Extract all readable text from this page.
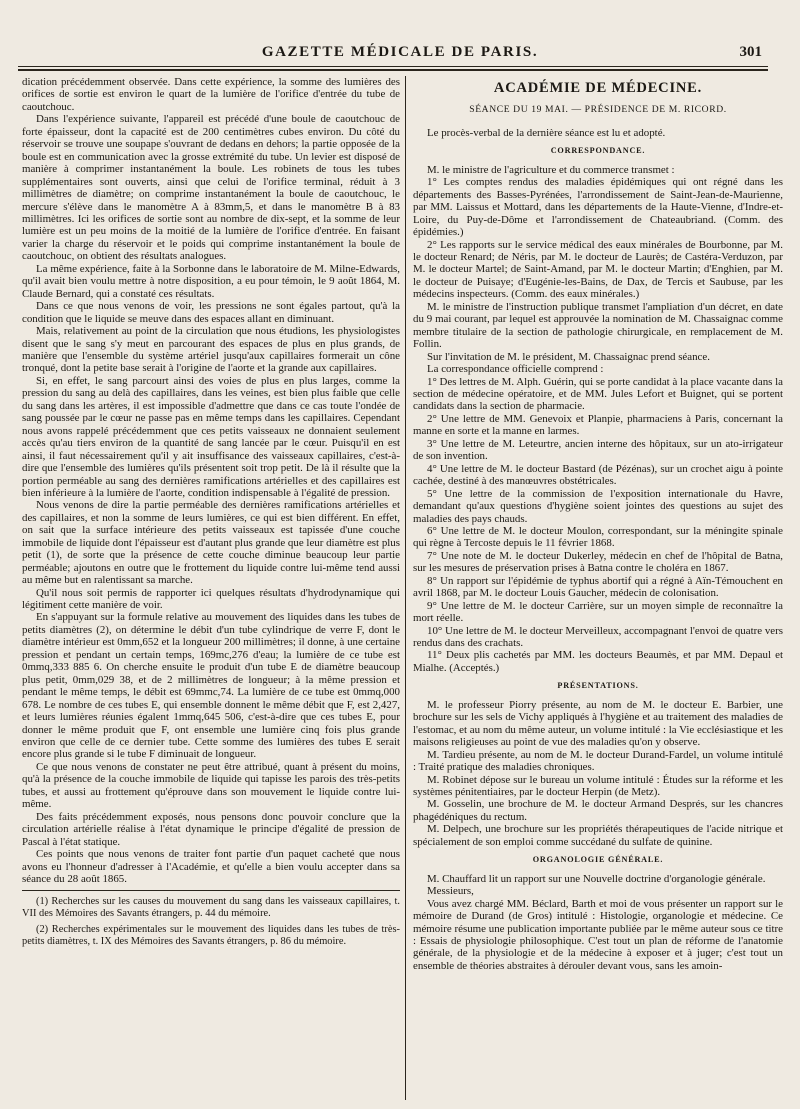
GAZETTE MÉDICALE DE PARIS.	301

dication précédemment observée. Dans cette expérience, la somme des lumières des orifices de sortie est environ le quart de la lumière de l'orifice d'entrée du tube de caoutchouc.

Dans l'expérience suivante, l'appareil est précédé d'une boule de caoutchouc de forte épaisseur, dont la capacité est de 200 centimètres cubes environ. Du côté du réservoir se trouve une soupape s'ouvrant de dedans en dehors; la partie opposée de la boule est en communication avec la grosse extrémité du tube. Un levier est disposé de manière à comprimer instantanément la boule. Les robinets de tous les tubes supplémentaires sont ouverts, ainsi que celui de l'orifice terminal, réduit à 3 millimètres de diamètre; on comprime instantanément la boule de caoutchouc, le mercure s'élève dans le manomètre A à 83mm,5, et dans le manomètre B à 83 millimètres. Ici les orifices de sortie sont au nombre de dix-sept, et la somme de leur lumière est un peu moins de la moitié de la lumière de l'orifice d'entrée. En faisant varier la charge du réservoir et le poids qui comprime instantanément la boule de caoutchouc, on obtient des résultats analogues.

La même expérience, faite à la Sorbonne dans le laboratoire de M. Milne-Edwards, qu'il avait bien voulu mettre à notre disposition, a eu pour témoin, le 9 août 1864, M. Claude Bernard, qui a constaté ces résultats.

Dans ce que nous venons de voir, les pressions ne sont égales partout, qu'à la condition que le liquide se meuve dans des espaces allant en diminuant.

Mais, relativement au point de la circulation que nous étudions, les physiologistes disent que le sang s'y meut en parcourant des espaces de plus en plus grands, de manière que l'ensemble du système artériel jusqu'aux capillaires formerait un cône tronqué, dont la petite base serait à l'origine de l'aorte et la grande aux capillaires.

Si, en effet, le sang parcourt ainsi des voies de plus en plus larges, comme la pression du sang au delà des capillaires, dans les veines, est bien plus faible que celle du sang dans les artères, il est impossible d'admettre que dans ce cas toute l'ondée de sang poussée par le cœur ne passe pas en même temps dans les capillaires. Cependant nous avons rappelé précédemment que ces petits vaisseaux ne donnaient seulement accès qu'au tiers environ de la quantité de sang lancée par le cœur. Puisqu'il en est ainsi, il faut nécessairement qu'il y ait insuffisance des vaisseaux capillaires, c'est-à-dire que l'ensemble des lumières qu'ils présentent soit trop petit. De là il résulte que la portion perméable au sang des dernières ramifications artérielles et des capillaires est bien inférieure à la lumière de l'aorte, condition indispensable à l'égalité de pression.

Nous venons de dire la partie perméable des dernières ramifications artérielles et des capillaires, et non la somme de leurs lumières, ce qui est bien différent. En effet, on sait que la surface intérieure des petits vaisseaux est tapissée d'une couche immobile de liquide dont l'épaisseur est d'autant plus grande que leur diamètre est plus petit (1), de sorte que la présence de cette couche diminue beaucoup leur partie perméable; ajoutons en outre que le frottement du liquide contre lui-même tend aussi au même but en ralentissant sa marche.

Qu'il nous soit permis de rapporter ici quelques résultats d'hydrodynamique qui légitiment cette manière de voir.

En s'appuyant sur la formule relative au mouvement des liquides dans les tubes de petits diamètres (2), on détermine le débit d'un tube cylindrique de verre F, dont le diamètre intérieur est 0mm,652 et la longueur 200 millimètres; il donne, à une certaine pression et pendant un certain temps, 169mc,276 d'eau; la lumière de ce tube est 0mmq,333 885 6. On cherche ensuite le produit d'un tube E de diamètre beaucoup plus petit, 0mm,029 38, et de 2 millimètres de longueur; à la même pression et pendant le même temps, le débit est 69mmc,74. La lumière de ce tube est 0mmq,000 678. Le nombre de ces tubes E, qui ensemble donnent le même débit que F, est 2,427, et leurs lumières réunies égalent 1mmq,645 506, c'est-à-dire que ces tubes E, pour donner le même produit que F, ont ensemble une lumière cinq fois plus grande environ que celle de ce dernier tube. Cette somme des lumières des tubes E serait encore plus grande si le tube F diminuait de longueur.

Ce que nous venons de constater ne peut être attribué, quant à présent du moins, qu'à la présence de la couche immobile de liquide qui tapisse les parois des très-petits tubes, et aussi au frottement qu'éprouve dans son mouvement le liquide contre lui-même.

Des faits précédemment exposés, nous pensons donc pouvoir conclure que la circulation artérielle réalise à l'état dynamique le principe d'égalité de pression de Pascal à l'état statique.

Ces points que nous venons de traiter font partie d'un paquet cacheté que nous avons eu l'honneur d'adresser à l'Académie, et qu'elle a bien voulu accepter dans sa séance du 28 août 1865.

(1) Recherches sur les causes du mouvement du sang dans les vaisseaux capillaires, t. VII des Mémoires des Savants étrangers, p. 44 du mémoire.

(2) Recherches expérimentales sur le mouvement des liquides dans les tubes de très-petits diamètres, t. IX des Mémoires des Savants étrangers, p. 86 du mémoire.

ACADÉMIE DE MÉDECINE.
SÉANCE DU 19 MAI. — PRÉSIDENCE DE M. RICORD.

Le procès-verbal de la dernière séance est lu et adopté.

CORRESPONDANCE.

M. le ministre de l'agriculture et du commerce transmet :

1° Les comptes rendus des maladies épidémiques qui ont régné dans les départements des Basses-Pyrénées, l'arrondissement de Saint-Jean-de-Maurienne, par MM. Laissus et Mottard, dans les départements de la Haute-Vienne, d'Indre-et-Loire, du Puy-de-Dôme et l'arrondissement de Chateaubriand. (Comm. des épidémies.)

2° Les rapports sur le service médical des eaux minérales de Bourbonne, par M. le docteur Renard; de Néris, par M. le docteur de Laurès; de Castéra-Verduzon, par M. le docteur Martel; de Saint-Amand, par M. le docteur Martin; d'Enghien, par M. le docteur de Puisaye; d'Eugénie-les-Bains, de Dax, de Tercis et Saubuse, par les médecins inspecteurs. (Comm. des eaux minérales.)

M. le ministre de l'instruction publique transmet l'ampliation d'un décret, en date du 9 mai courant, par lequel est approuvée la nomination de M. Chassaignac comme membre titulaire de la section de pathologie chirurgicale, en remplacement de M. Follin.

Sur l'invitation de M. le président, M. Chassaignac prend séance.

La correspondance officielle comprend :

1° Des lettres de M. Alph. Guérin, qui se porte candidat à la place vacante dans la section de médecine opératoire, et de MM. Jules Lefort et Buignet, qui se portent candidats dans la section de pharmacie.

2° Une lettre de MM. Genevoix et Planpie, pharmaciens à Paris, concernant la manne en sorte et la manne en larmes.

3° Une lettre de M. Leteurtre, ancien interne des hôpitaux, sur un ato-irrigateur de son invention.

4° Une lettre de M. le docteur Bastard (de Pézénas), sur un crochet aigu à pointe cachée, destiné à des manœuvres obstétricales.

5° Une lettre de la commission de l'exposition internationale du Havre, demandant qu'aux questions d'hygiène soient jointes des questions au sujet des maladies des pays chauds.

6° Une lettre de M. le docteur Moulon, correspondant, sur la méningite spinale qui règne à Tercoste depuis le 11 février 1868.

7° Une note de M. le docteur Dukerley, médecin en chef de l'hôpital de Batna, sur les mesures de préservation prises à Batna contre le choléra en 1867.

8° Un rapport sur l'épidémie de typhus abortif qui a régné à Aïn-Témouchent en avril 1868, par M. le docteur Louis Gaucher, médecin de colonisation.

9° Une lettre de M. le docteur Carrière, sur un moyen simple de reconnaître la mort réelle.

10° Une lettre de M. le docteur Merveilleux, accompagnant l'envoi de quatre vers rendus dans des crachats.

11° Deux plis cachetés par MM. les docteurs Beaumès, et par MM. Depaul et Mialhe. (Acceptés.)

PRÉSENTATIONS.

M. le professeur Piorry présente, au nom de M. le docteur E. Barbier, une brochure sur les sels de Vichy appliqués à l'hygiène et au traitement des maladies de l'estomac, et au nom du même auteur, un volume intitulé : la Vie ecclésiastique et les maisons religieuses au point de vue des maladies qu'on y observe.

M. Tardieu présente, au nom de M. le docteur Durand-Fardel, un volume intitulé : Traité pratique des maladies chroniques.

M. Robinet dépose sur le bureau un volume intitulé : Études sur la réforme et les systèmes pénitentiaires, par le docteur Herpin (de Metz).

M. Gosselin, une brochure de M. le docteur Armand Després, sur les chancres phagédéniques du rectum.

M. Delpech, une brochure sur les propriétés thérapeutiques de l'acide nitrique et spécialement de son emploi comme succédané du sulfate de quinine.

ORGANOLOGIE GÉNÉRALE.

M. Chauffard lit un rapport sur une Nouvelle doctrine d'organologie générale.

Messieurs,

Vous avez chargé MM. Béclard, Barth et moi de vous présenter un rapport sur le mémoire de Durand (de Gros) intitulé : Histologie, organologie et médecine. Ce mémoire résume une publication importante publiée par le même auteur sous ce titre : Essais de physiologie philosophique. C'est tout un plan de réforme de l'anatomie générale, de la physiologie et de la médecine à exposer et à juger; c'est tout un ensemble de théories abstraites à dérouler devant vous, sans les amoin-
